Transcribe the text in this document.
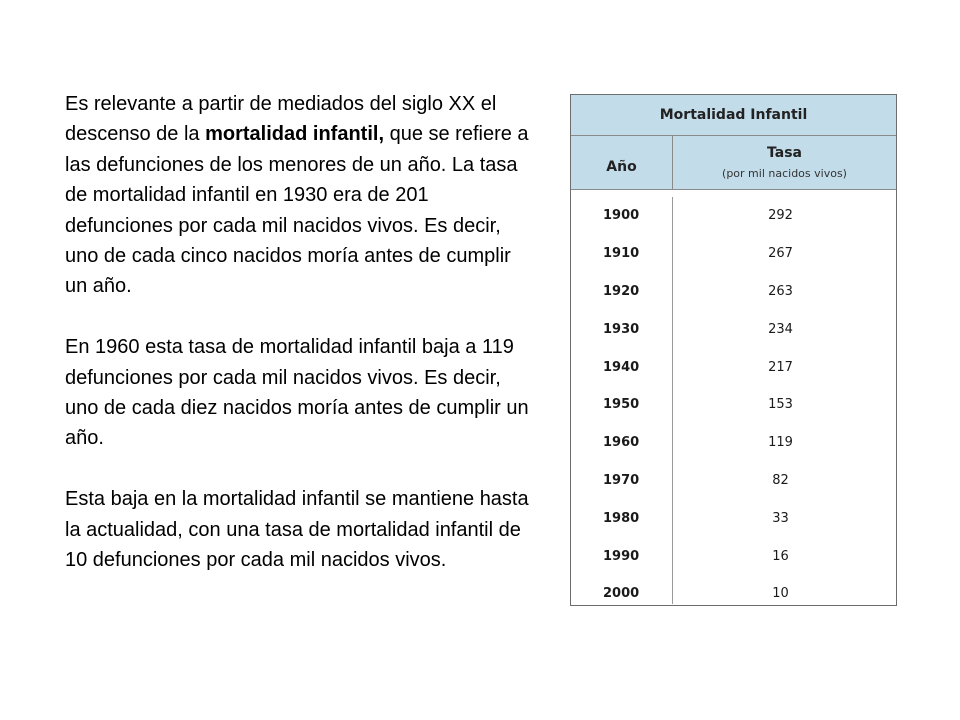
Es relevante a partir de mediados del siglo XX el descenso de la mortalidad infantil, que se refiere a las defunciones de los menores de un año. La tasa de mortalidad infantil en 1930 era de 201 defunciones por cada mil nacidos vivos. Es decir, uno de cada cinco nacidos moría antes de cumplir un año.

En 1960 esta tasa de mortalidad infantil baja a 119 defunciones por cada mil nacidos vivos. Es decir, uno de cada diez nacidos moría antes de cumplir un año.

Esta baja en la mortalidad infantil se mantiene hasta la actualidad, con una tasa de mortalidad infantil de 10 defunciones por cada mil nacidos vivos.

Mortalidad Infantil
Año
Tasa
(por mil nacidos vivos)
1900
1910
1920
1930
1940
1950
1960
1970
1980
1990
2000
292
267
263
234
217
153
119
82
33
16
10
